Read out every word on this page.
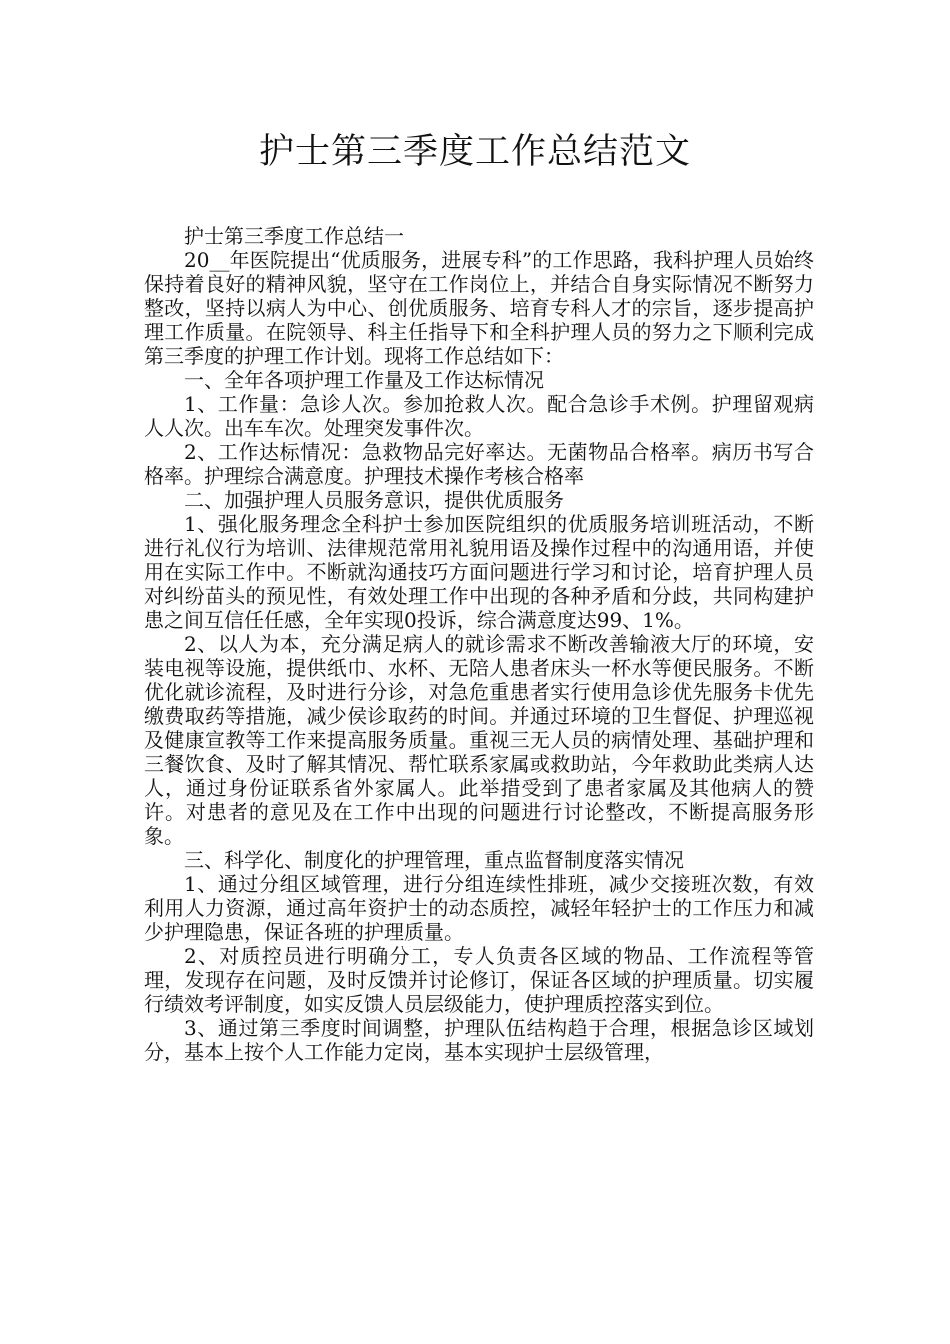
护士第三季度工作总结范文

护士第三季度工作总结一

20__年医院提出“优质服务，进展专科”的工作思路，我科护理人员始终保持着良好的精神风貌，坚守在工作岗位上，并结合自身实际情况不断努力整改，坚持以病人为中心、创优质服务、培育专科人才的宗旨，逐步提高护理工作质量。在院领导、科主任指导下和全科护理人员的努力之下顺利完成第三季度的护理工作计划。现将工作总结如下：

一、全年各项护理工作量及工作达标情况

1、工作量：急诊人次。参加抢救人次。配合急诊手术例。护理留观病人人次。出车车次。处理突发事件次。

2、工作达标情况：急救物品完好率达。无菌物品合格率。病历书写合格率。护理综合满意度。护理技术操作考核合格率

二、加强护理人员服务意识，提供优质服务

1、强化服务理念全科护士参加医院组织的优质服务培训班活动，不断进行礼仪行为培训、法律规范常用礼貌用语及操作过程中的沟通用语，并使用在实际工作中。不断就沟通技巧方面问题进行学习和讨论，培育护理人员对纠纷苗头的预见性，有效处理工作中出现的各种矛盾和分歧，共同构建护患之间互信任任感，全年实现0投诉，综合满意度达99、1%。

2、以人为本，充分满足病人的就诊需求不断改善输液大厅的环境，安装电视等设施，提供纸巾、水杯、无陪人患者床头一杯水等便民服务。不断优化就诊流程，及时进行分诊，对急危重患者实行使用急诊优先服务卡优先缴费取药等措施，减少侯诊取药的时间。并通过环境的卫生督促、护理巡视及健康宣教等工作来提高服务质量。重视三无人员的病情处理、基础护理和三餐饮食、及时了解其情况、帮忙联系家属或救助站，今年救助此类病人达人，通过身份证联系省外家属人。此举措受到了患者家属及其他病人的赞许。对患者的意见及在工作中出现的问题进行讨论整改，不断提高服务形象。

三、科学化、制度化的护理管理，重点监督制度落实情况

1、通过分组区域管理，进行分组连续性排班，减少交接班次数，有效利用人力资源，通过高年资护士的动态质控，减轻年轻护士的工作压力和减少护理隐患，保证各班的护理质量。

2、对质控员进行明确分工，专人负责各区域的物品、工作流程等管理，发现存在问题，及时反馈并讨论修订，保证各区域的护理质量。切实履行绩效考评制度，如实反馈人员层级能力，使护理质控落实到位。

3、通过第三季度时间调整，护理队伍结构趋于合理，根据急诊区域划分，基本上按个人工作能力定岗，基本实现护士层级管理，
